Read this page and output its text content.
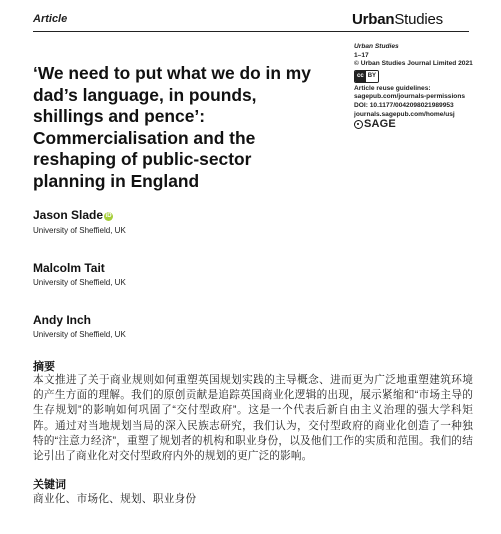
Article	UrbanStudies
Urban Studies
1–17
© Urban Studies Journal Limited 2021
cc BY
Article reuse guidelines:
sagepub.com/journals-permissions
DOI: 10.1177/0042098021989953
journals.sagepub.com/home/usj
SAGE
‘We need to put what we do in my dad’s language, in pounds, shillings and pence’: Commercialisation and the reshaping of public-sector planning in England
Jason Slade iD
University of Sheffield, UK
Malcolm Tait
University of Sheffield, UK
Andy Inch
University of Sheffield, UK
摘要
本文推进了关于商业规则如何重塑英国规划实践的主导概念、进而更为广泛地重塑建筑环境的产生方面的理解。我们的原创贡献是追踪英国商业化逻辑的出现，展示紧缩和“市场主导的生存规划”的影响如何巩固了“交付型政府”。这是一个代表后新自由主义治理的强大学科矩阵。通过对当地规划当局的深入民族志研究，我们认为，交付型政府的商业化创造了一种独特的“注意力经济”，重塑了规划者的机构和职业身份，以及他们工作的实质和范围。我们的结论引出了商业化对交付型政府内外的规划的更广泛的影响。
关键词
商业化、市场化、规划、职业身份
